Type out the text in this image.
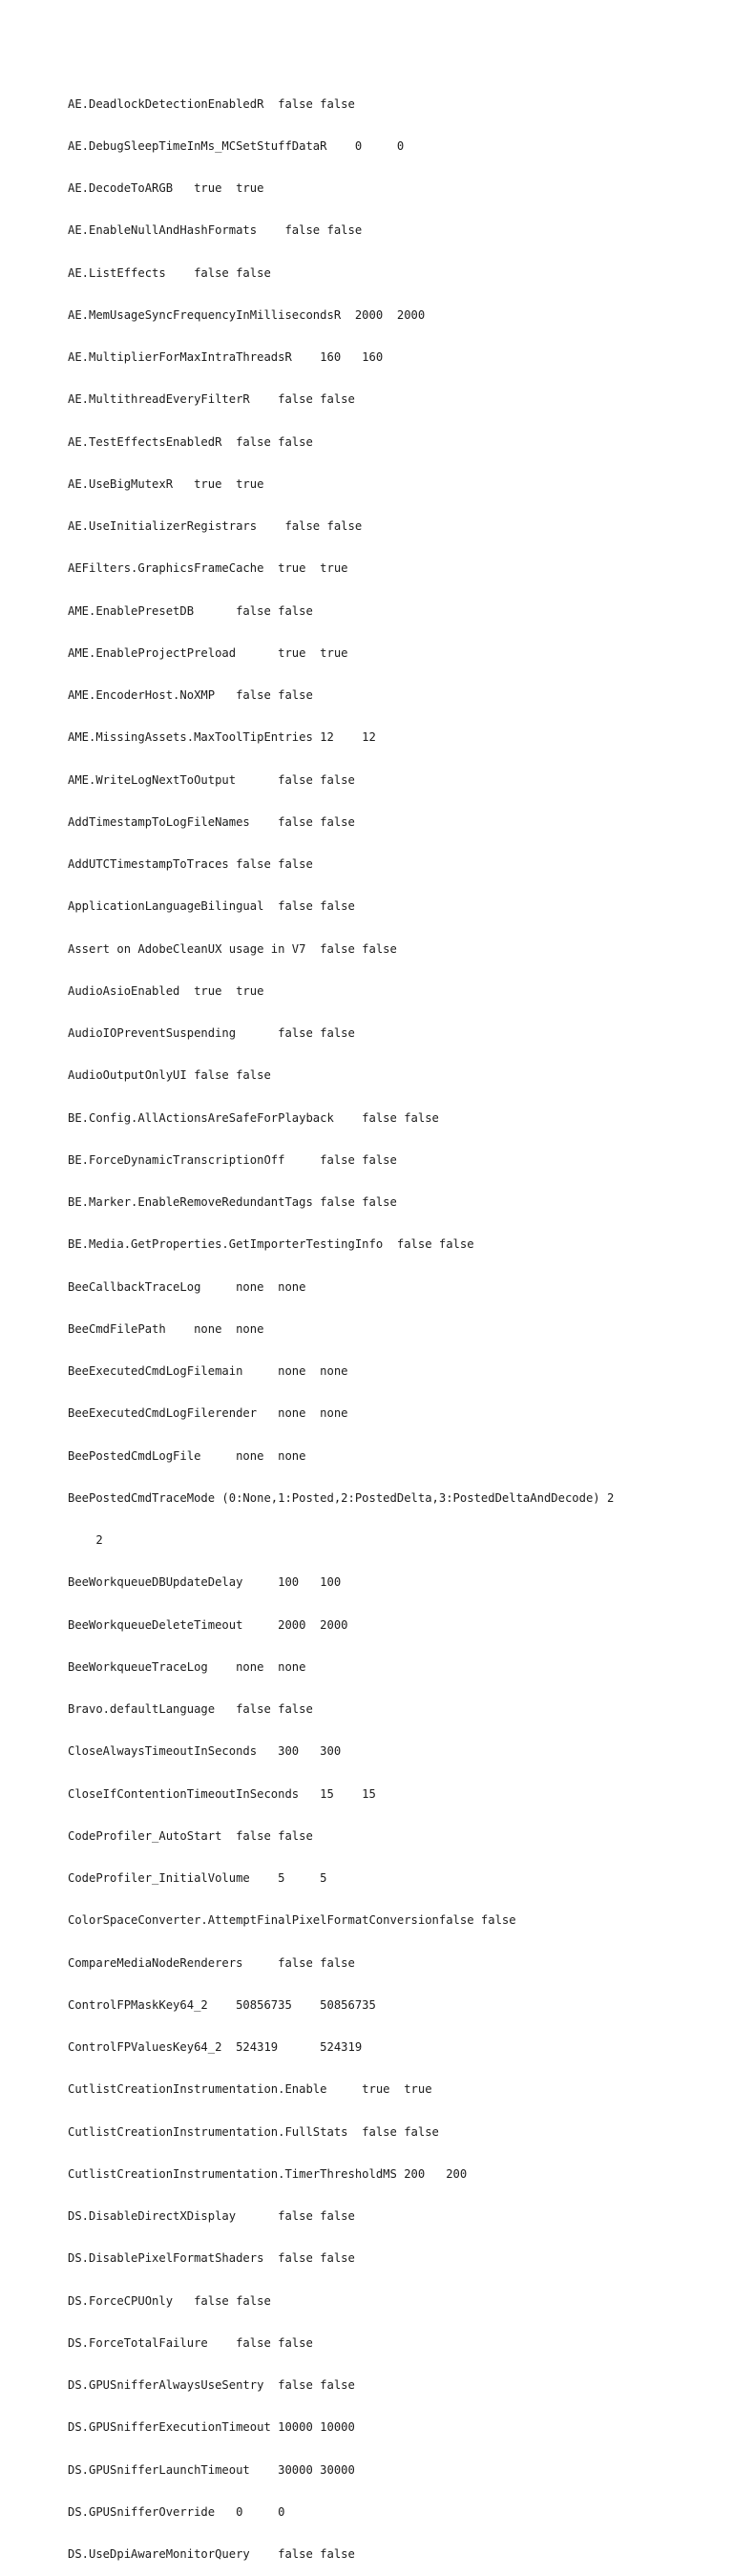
AE.DeadlockDetectionEnabledR  false false

AE.DebugSleepTimeInMs_MCSetStuffDataR    0     0

AE.DecodeToARGB   true  true

AE.EnableNullAndHashFormats    false false

AE.ListEffects    false false

AE.MemUsageSyncFrequencyInMillisecondsR  2000  2000

AE.MultiplierForMaxIntraThreadsR    160   160

AE.MultithreadEveryFilterR    false false

AE.TestEffectsEnabledR  false false

AE.UseBigMutexR   true  true

AE.UseInitializerRegistrars    false false

AEFilters.GraphicsFrameCache  true  true

AME.EnablePresetDB      false false

AME.EnableProjectPreload      true  true

AME.EncoderHost.NoXMP   false false

AME.MissingAssets.MaxToolTipEntries 12    12

AME.WriteLogNextToOutput      false false

AddTimestampToLogFileNames    false false

AddUTCTimestampToTraces false false

ApplicationLanguageBilingual  false false

Assert on AdobeCleanUX usage in V7  false false

AudioAsioEnabled  true  true

AudioIOPreventSuspending      false false

AudioOutputOnlyUI false false

BE.Config.AllActionsAreSafeForPlayback    false false

BE.ForceDynamicTranscriptionOff     false false

BE.Marker.EnableRemoveRedundantTags false false

BE.Media.GetProperties.GetImporterTestingInfo  false false

BeeCallbackTraceLog     none  none

BeeCmdFilePath    none  none

BeeExecutedCmdLogFilemain     none  none

BeeExecutedCmdLogFilerender   none  none

BeePostedCmdLogFile     none  none

BeePostedCmdTraceMode (0:None,1:Posted,2:PostedDelta,3:PostedDeltaAndDecode) 2

2

BeeWorkqueueDBUpdateDelay     100   100

BeeWorkqueueDeleteTimeout     2000  2000

BeeWorkqueueTraceLog    none  none

Bravo.defaultLanguage   false false

CloseAlwaysTimeoutInSeconds   300   300

CloseIfContentionTimeoutInSeconds   15    15

CodeProfiler_AutoStart  false false

CodeProfiler_InitialVolume    5     5

ColorSpaceConverter.AttemptFinalPixelFormatConversionfalse false

CompareMediaNodeRenderers     false false

ControlFPMaskKey64_2    50856735    50856735

ControlFPValuesKey64_2  524319      524319

CutlistCreationInstrumentation.Enable     true  true

CutlistCreationInstrumentation.FullStats  false false

CutlistCreationInstrumentation.TimerThresholdMS 200   200

DS.DisableDirectXDisplay      false false

DS.DisablePixelFormatShaders  false false

DS.ForceCPUOnly   false false

DS.ForceTotalFailure    false false

DS.GPUSnifferAlwaysUseSentry  false false

DS.GPUSnifferExecutionTimeout 10000 10000

DS.GPUSnifferLaunchTimeout    30000 30000

DS.GPUSnifferOverride   0     0

DS.UseDpiAwareMonitorQuery    false false
